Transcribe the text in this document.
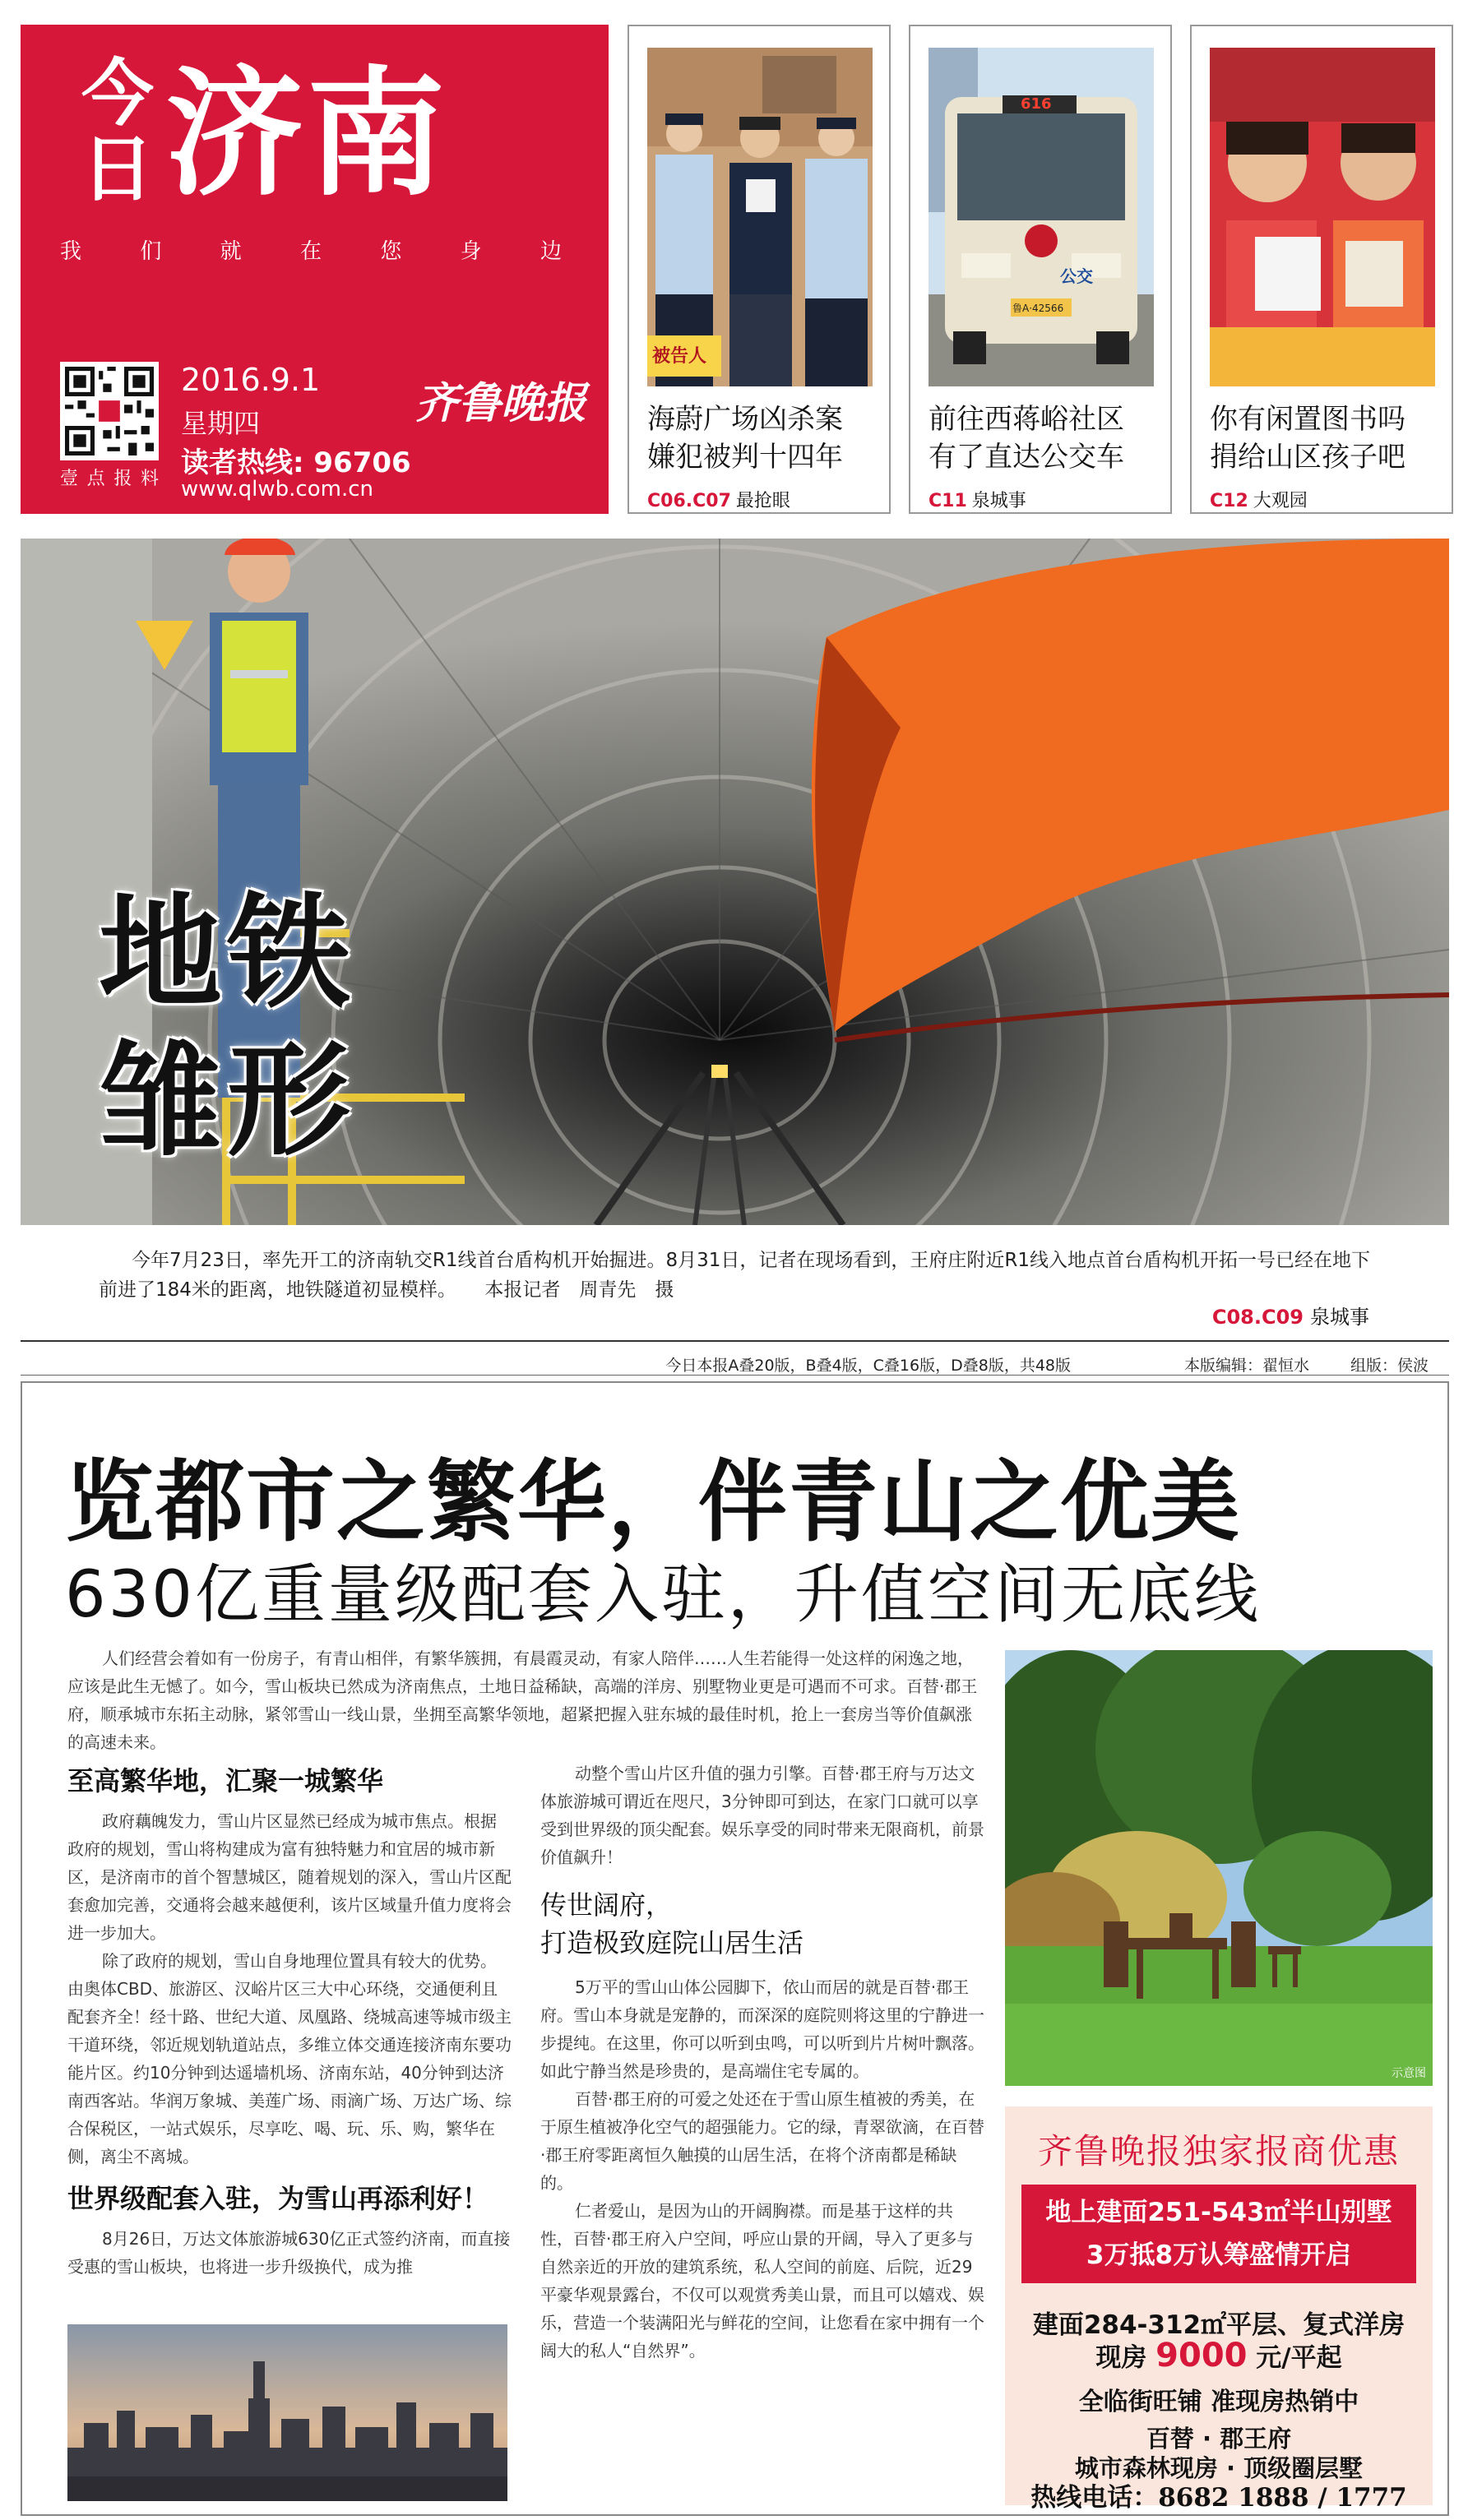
今
日 济南
我	们	就	在	您	身	边
壹 点 报 料
2016.9.1
星期四
读者热线: 96706
www.qlwb.com.cn
齐鲁晚报
被告人
海蔚广场凶杀案
嫌犯被判十四年
C06.C07 最抢眼
616
公交
鲁A·42566
前往西蒋峪社区
有了直达公交车
C11 泉城事
你有闲置图书吗
捐给山区孩子吧
C12 大观园
地铁
雏形
今年7月23日，率先开工的济南轨交R1线首台盾构机开始掘进。8月31日，记者在现场看到，王府庄附近R1线入地点首台盾构机开拓一号已经在地下前进了184米的距离，地铁隧道初显模样。　　本报记者　周青先　摄
C08.C09 泉城事
今日本报A叠20版，B叠4版，C叠16版，D叠8版，共48版	本版编辑：翟恒水	组版：侯波
览都市之繁华，伴青山之优美
630亿重量级配套入驻，升值空间无底线
人们经营会着如有一份房子，有青山相伴，有繁华簇拥，有晨霞灵动，有家人陪伴……人生若能得一处这样的闲逸之地，应该是此生无憾了。如今，雪山板块已然成为济南焦点，土地日益稀缺，高端的洋房、别墅物业更是可遇而不可求。百替·郡王府，顺承城市东拓主动脉，紧邻雪山一线山景，坐拥至高繁华领地，超紧把握入驻东城的最佳时机，抢上一套房当等价值飙涨的高速未来。
至高繁华地，汇聚一城繁华

政府藕魄发力，雪山片区显然已经成为城市焦点。根据政府的规划，雪山将构建成为富有独特魅力和宜居的城市新区，是济南市的首个智慧城区，随着规划的深入，雪山片区配套愈加完善，交通将会越来越便利，该片区域量升值力度将会进一步加大。

除了政府的规划，雪山自身地理位置具有较大的优势。由奥体CBD、旅游区、汉峪片区三大中心环绕，交通便利且配套齐全！经十路、世纪大道、凤凰路、绕城高速等城市级主干道环绕，邻近规划轨道站点，多维立体交通连接济南东要功能片区。约10分钟到达遥墙机场、济南东站，40分钟到达济南西客站。华润万象城、美莲广场、雨滴广场、万达广场、综合保税区，一站式娱乐，尽享吃、喝、玩、乐、购，繁华在侧，离尘不离城。

世界级配套入驻，为雪山再添利好！

8月26日，万达文体旅游城630亿正式签约济南，而直接受惠的雪山板块，也将进一步升级换代，成为推

动整个雪山片区升值的强力引擎。百替·郡王府与万达文体旅游城可谓近在咫尺，3分钟即可到达，在家门口就可以享受到世界级的顶尖配套。娱乐享受的同时带来无限商机，前景价值飙升！

传世阔府，
打造极致庭院山居生活

5万平的雪山山体公园脚下，依山而居的就是百替·郡王府。雪山本身就是宠静的，而深深的庭院则将这里的宁静进一步提纯。在这里，你可以听到虫鸣，可以听到片片树叶飘落。如此宁静当然是珍贵的，是高端住宅专属的。

百替·郡王府的可爱之处还在于雪山原生植被的秀美，在于原生植被净化空气的超强能力。它的绿，青翠欲滴，在百替·郡王府零距离恒久触摸的山居生活，在将个济南都是稀缺的。

仁者爱山，是因为山的开阔胸襟。而是基于这样的共性，百替·郡王府入户空间，呼应山景的开阔，导入了更多与自然亲近的开放的建筑系统，私人空间的前庭、后院，近29平豪华观景露台，不仅可以观赏秀美山景，而且可以嬉戏、娱乐，营造一个装满阳光与鲜花的空间，让您看在家中拥有一个阔大的私人“自然界”。

示意图
齐鲁晚报独家报商优惠
地上建面251-543㎡半山别墅
3万抵8万认筹盛情开启
建面284-312㎡平层、复式洋房
现房 9000 元/平起
全临街旺铺 准现房热销中
百替 · 郡王府
城市森林现房 · 顶级圈层墅
热线电话：8682 1888 / 1777
